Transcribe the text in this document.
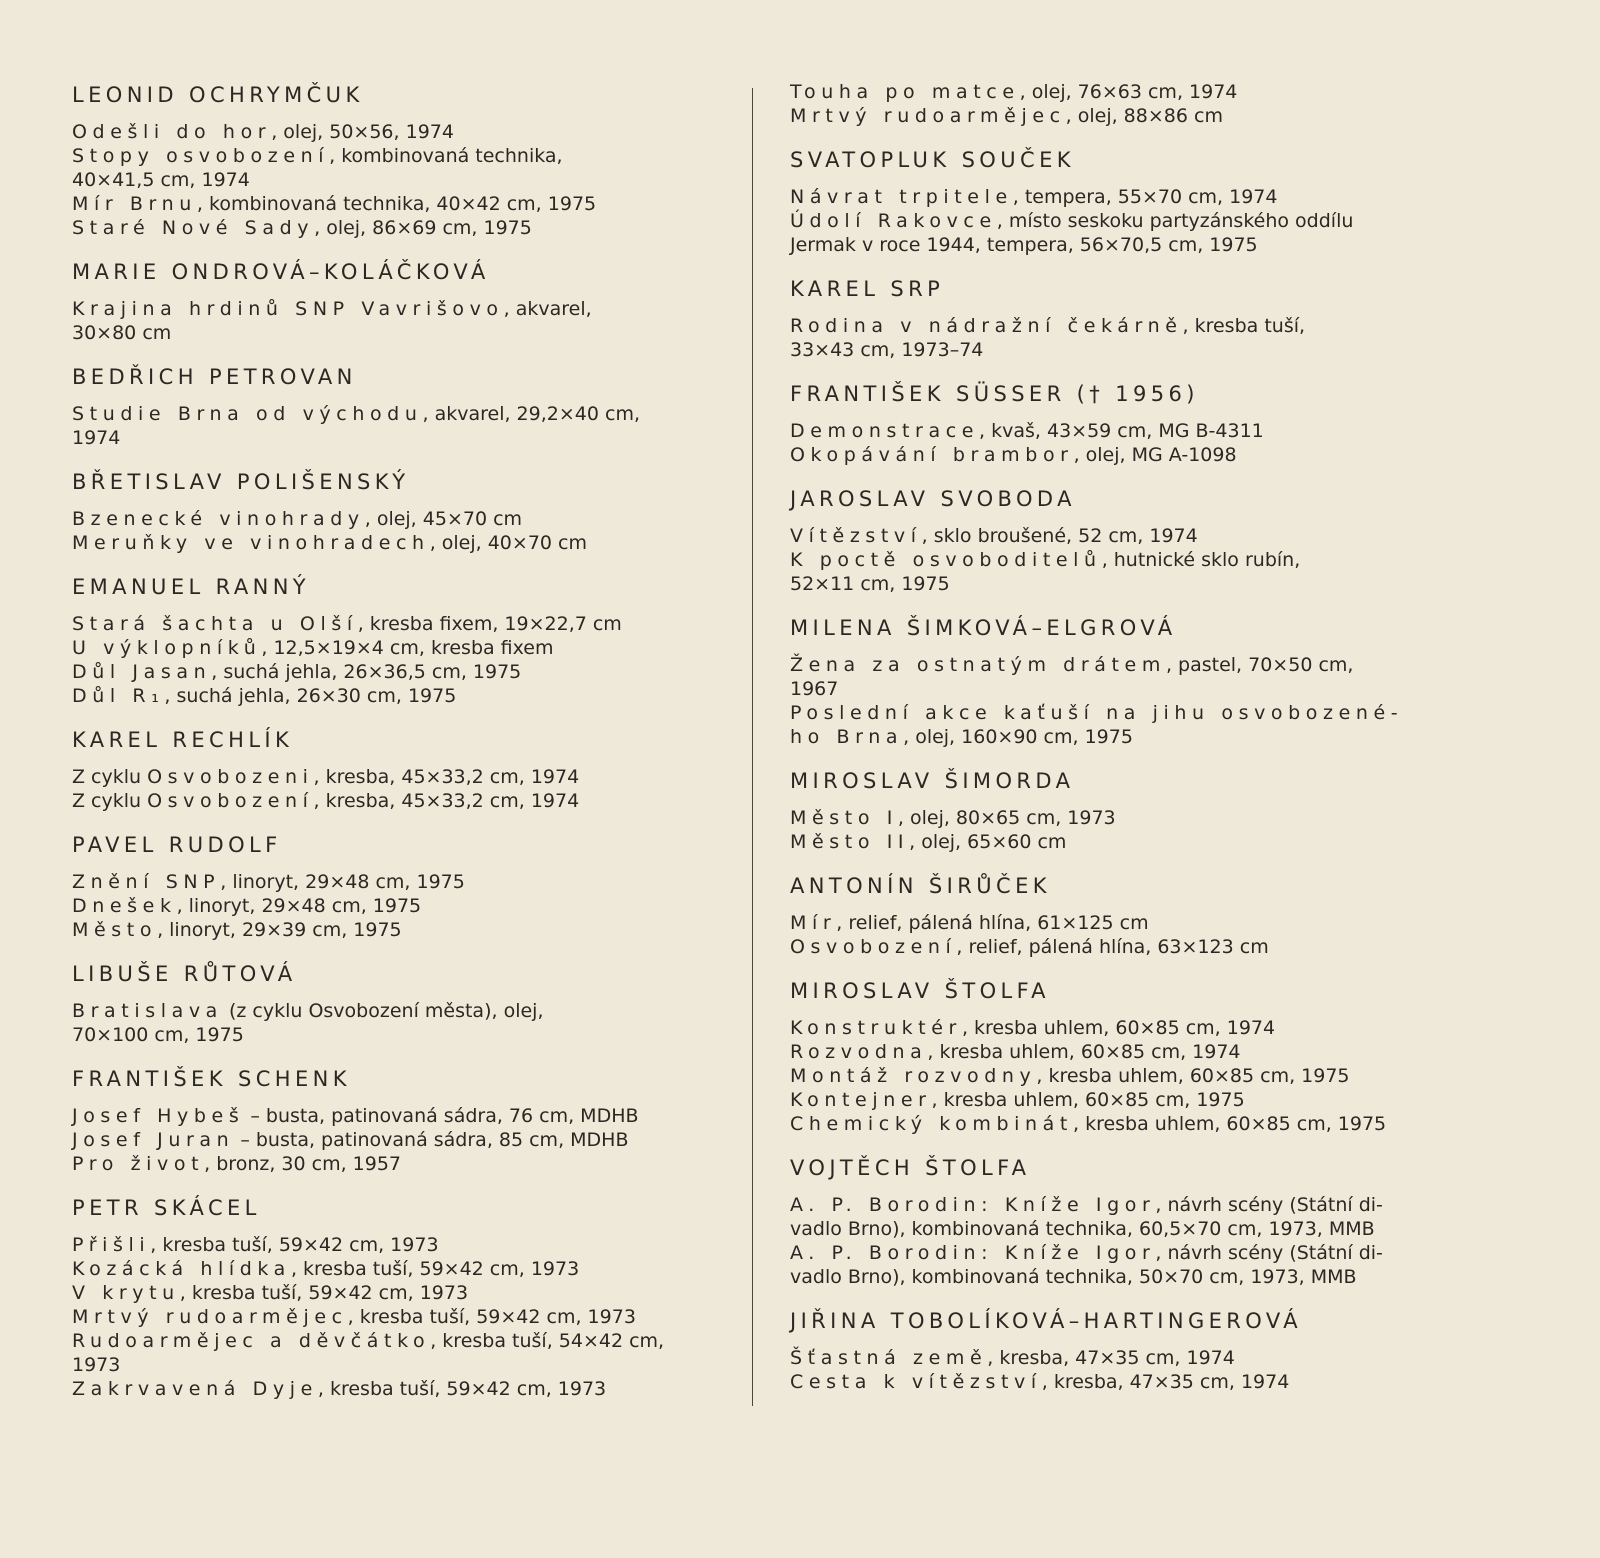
LEONID OCHRYMČUK
Odešli do hor, olej, 50×56, 1974
Stopy osvobození, kombinovaná technika,
40×41,5 cm, 1974
Mír Brnu, kombinovaná technika, 40×42 cm, 1975
Staré Nové Sady, olej, 86×69 cm, 1975
MARIE ONDROVÁ–KOLÁČKOVÁ
Krajina hrdinů SNP Vavrišovo, akvarel,
30×80 cm
BEDŘICH PETROVAN
Studie Brna od východu, akvarel, 29,2×40 cm,
1974
BŘETISLAV POLIŠENSKÝ
Bzenecké vinohrady, olej, 45×70 cm
Meruňky ve vinohradech, olej, 40×70 cm
EMANUEL RANNÝ
Stará šachta u Olší, kresba fixem, 19×22,7 cm
U výklopníků, 12,5×19×4 cm, kresba fixem
Důl Jasan, suchá jehla, 26×36,5 cm, 1975
Důl R₁, suchá jehla, 26×30 cm, 1975
KAREL RECHLÍK
Z cyklu Osvobozeni, kresba, 45×33,2 cm, 1974
Z cyklu Osvobození, kresba, 45×33,2 cm, 1974
PAVEL RUDOLF
Znění SNP, linoryt, 29×48 cm, 1975
Dnešek, linoryt, 29×48 cm, 1975
Město, linoryt, 29×39 cm, 1975
LIBUŠE RŮTOVÁ
Bratislava (z cyklu Osvobození města), olej,
70×100 cm, 1975
FRANTIŠEK SCHENK
Josef Hybeš – busta, patinovaná sádra, 76 cm, MDHB
Josef Juran – busta, patinovaná sádra, 85 cm, MDHB
Pro život, bronz, 30 cm, 1957
PETR SKÁCEL
Přišli, kresba tuší, 59×42 cm, 1973
Kozácká hlídka, kresba tuší, 59×42 cm, 1973
V krytu, kresba tuší, 59×42 cm, 1973
Mrtvý rudoarmějec, kresba tuší, 59×42 cm, 1973
Rudoarmějec a děvčátko, kresba tuší, 54×42 cm,
1973
Zakrvavená Dyje, kresba tuší, 59×42 cm, 1973
Touha po matce, olej, 76×63 cm, 1974
Mrtvý rudoarmějec, olej, 88×86 cm
SVATOPLUK SOUČEK
Návrat trpitele, tempera, 55×70 cm, 1974
Údolí Rakovce, místo seskoku partyzánského oddílu
Jermak v roce 1944, tempera, 56×70,5 cm, 1975
KAREL SRP
Rodina v nádražní čekárně, kresba tuší,
33×43 cm, 1973–74
FRANTIŠEK SÜSSER († 1956)
Demonstrace, kvaš, 43×59 cm, MG B-4311
Okopávání brambor, olej, MG A-1098
JAROSLAV SVOBODA
Vítězství, sklo broušené, 52 cm, 1974
K poctě osvoboditelů, hutnické sklo rubín,
52×11 cm, 1975
MILENA ŠIMKOVÁ–ELGROVÁ
Žena za ostnatým drátem, pastel, 70×50 cm,
1967
Poslední akce kaťuší na jihu osvobozené-
ho Brna, olej, 160×90 cm, 1975
MIROSLAV ŠIMORDA
Město I, olej, 80×65 cm, 1973
Město II, olej, 65×60 cm
ANTONÍN ŠIRŮČEK
Mír, relief, pálená hlína, 61×125 cm
Osvobození, relief, pálená hlína, 63×123 cm
MIROSLAV ŠTOLFA
Konstruktér, kresba uhlem, 60×85 cm, 1974
Rozvodna, kresba uhlem, 60×85 cm, 1974
Montáž rozvodny, kresba uhlem, 60×85 cm, 1975
Kontejner, kresba uhlem, 60×85 cm, 1975
Chemický kombinát, kresba uhlem, 60×85 cm, 1975
VOJTĚCH ŠTOLFA
A. P. Borodin: Kníže Igor, návrh scény (Státní di-
vadlo Brno), kombinovaná technika, 60,5×70 cm, 1973, MMB
A. P. Borodin: Kníže Igor, návrh scény (Státní di-
vadlo Brno), kombinovaná technika, 50×70 cm, 1973, MMB
JIŘINA TOBOLÍKOVÁ–HARTINGEROVÁ
Šťastná země, kresba, 47×35 cm, 1974
Cesta k vítězství, kresba, 47×35 cm, 1974
